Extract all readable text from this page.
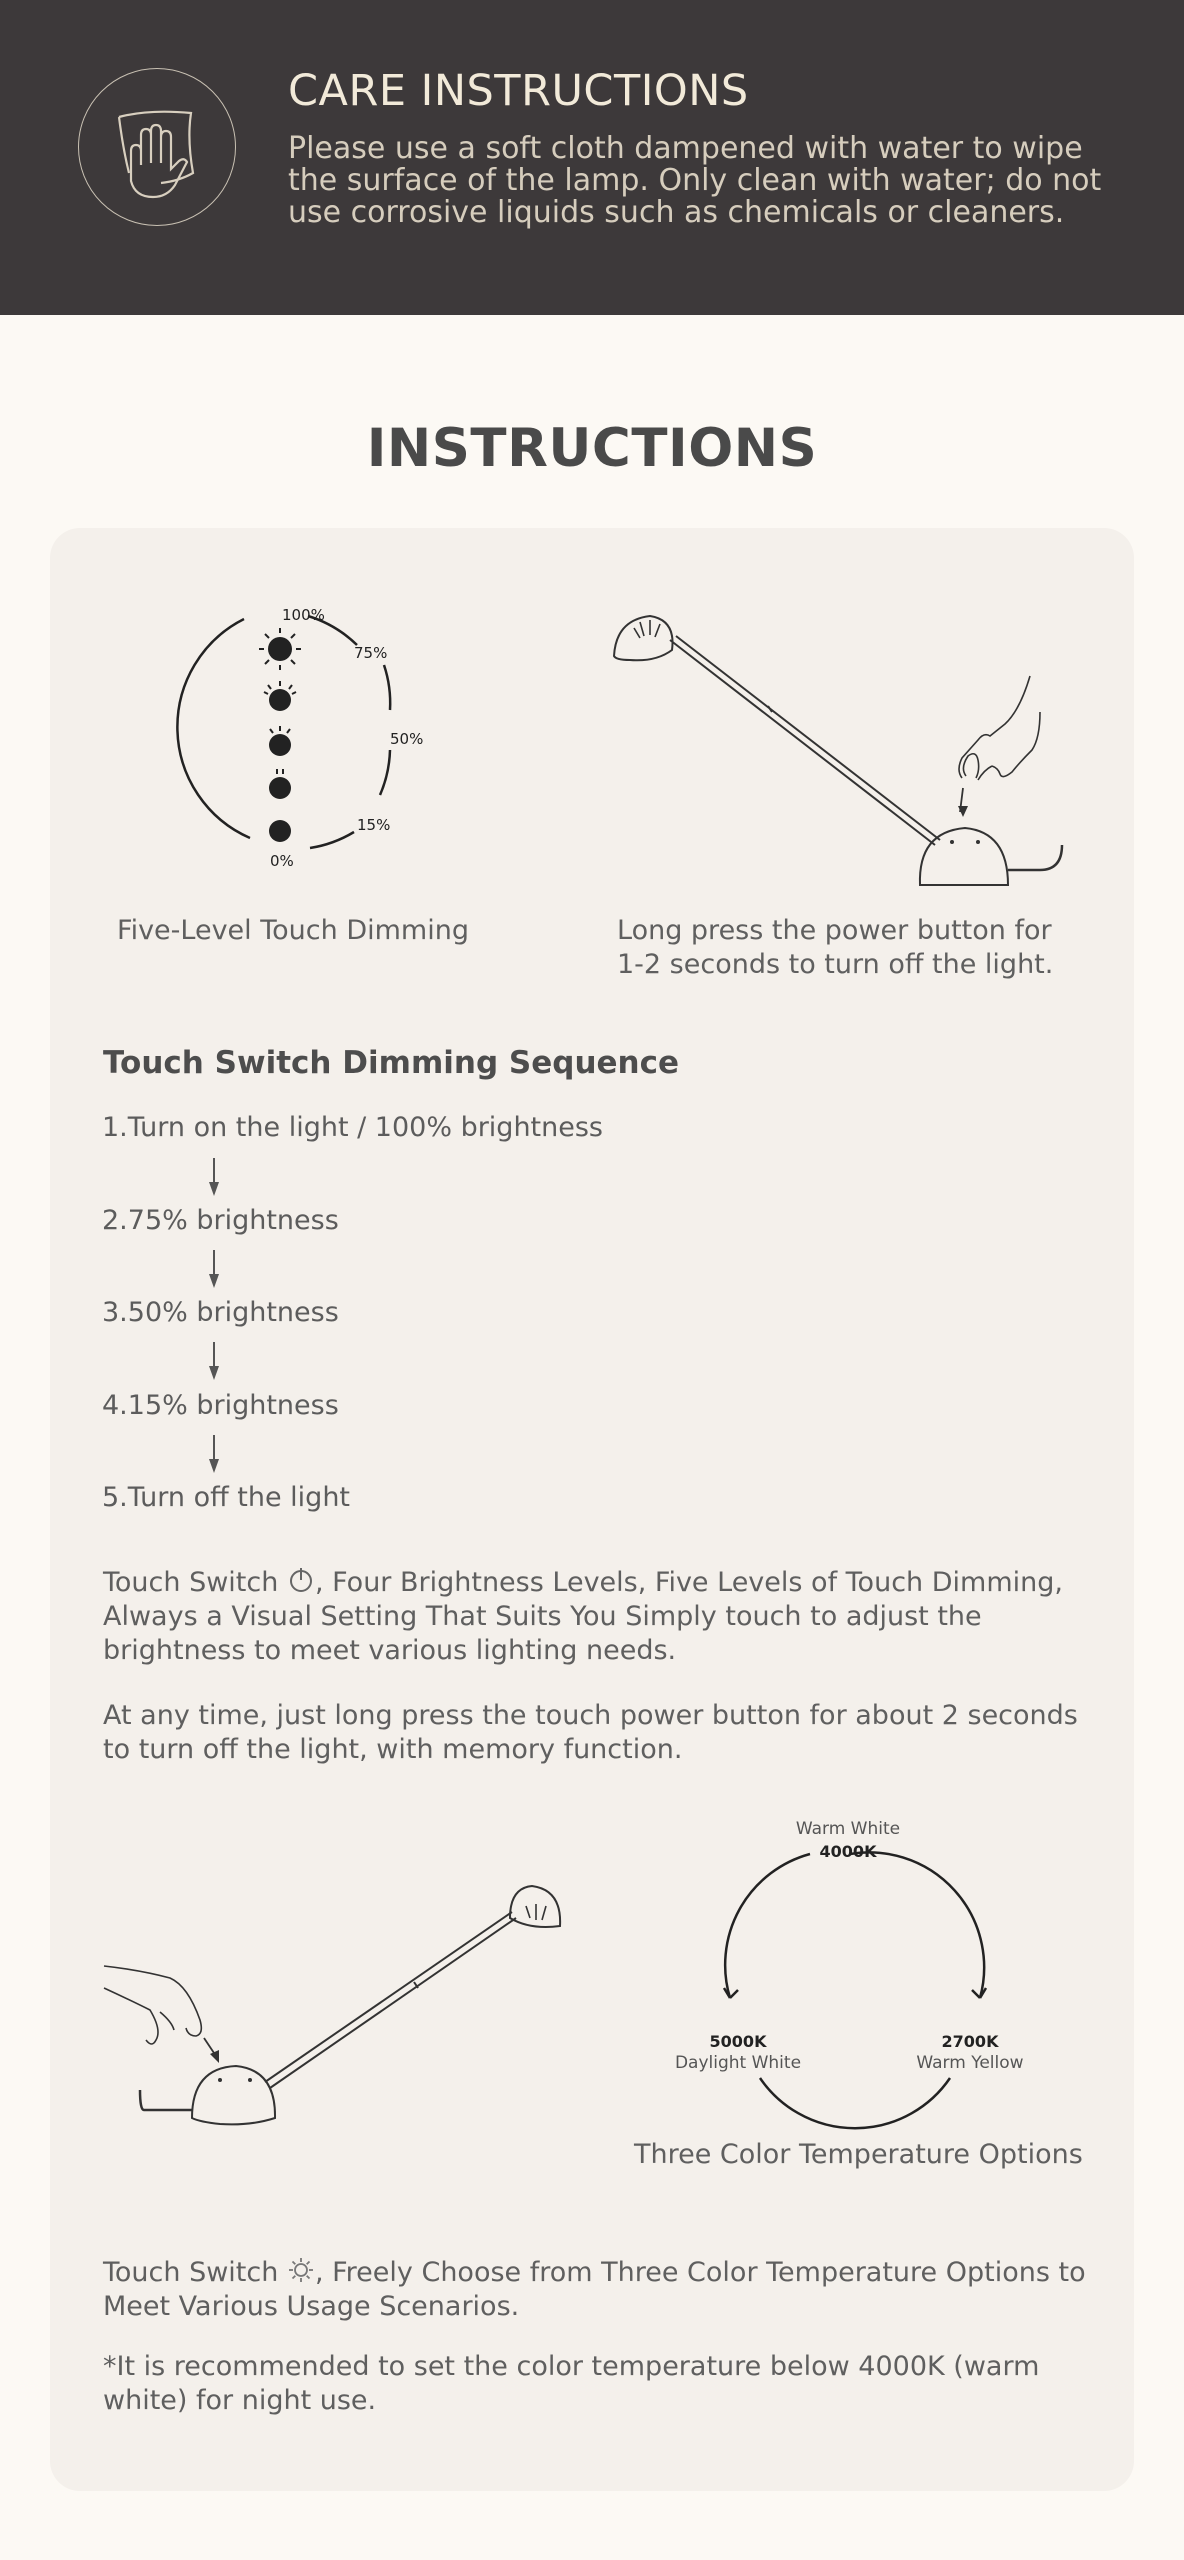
CARE INSTRUCTIONS
Please use a soft cloth dampened with water to wipe the surface of the lamp. Only clean with water; do not use corrosive liquids such as chemicals or cleaners.
INSTRUCTIONS
100%
75%
50%
15%
0%
Five-Level Touch Dimming	Long press the power button for 1-2 seconds to turn off the light.
Touch Switch Dimming Sequence
1.Turn on the light / 100% brightness
2.75% brightness
3.50% brightness
4.15% brightness
5.Turn off the light
Touch Switch , Four Brightness Levels, Five Levels of Touch Dimming, Always a Visual Setting That Suits You Simply touch to adjust the brightness to meet various lighting needs.
At any time, just long press the touch power button for about 2 seconds to turn off the light, with memory function.
Warm White
4000K
5000K
Daylight White
2700K
Warm Yellow
Three Color Temperature Options
Touch Switch , Freely Choose from Three Color Temperature Options to Meet Various Usage Scenarios.
*It is recommended to set the color temperature below 4000K (warm white) for night use.
